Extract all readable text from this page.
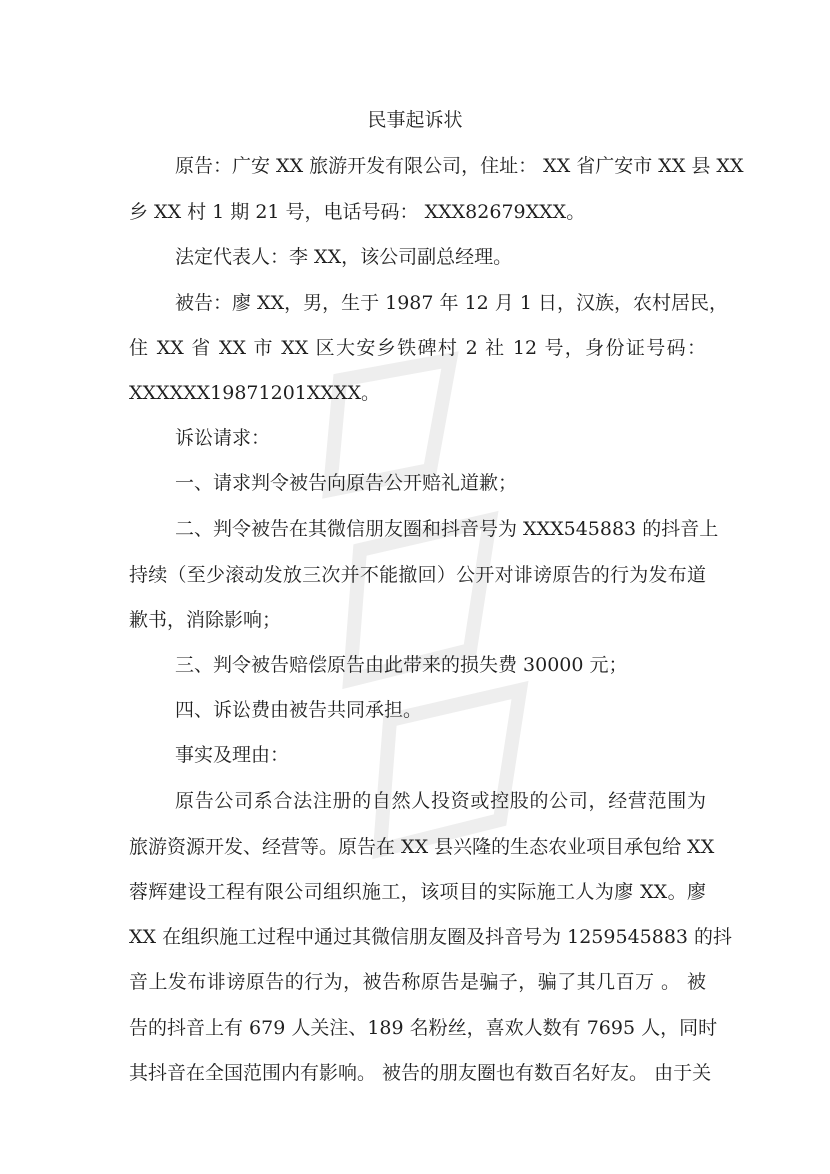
民事起诉状
原告：广安 XX 旅游开发有限公司，住址： XX 省广安市 XX 县 XX
乡 XX 村 1 期 21 号，电话号码： XXX82679XXX。
法定代表人：李 XX，该公司副总经理。
被告：廖 XX，男，生于 1987 年 12 月 1 日，汉族，农村居民，
住 XX 省 XX 市 XX 区大安乡铁碑村 2 社 12 号，身份证号码：
XXXXXX19871201XXXX。
诉讼请求：
一、请求判令被告向原告公开赔礼道歉；
二、判令被告在其微信朋友圈和抖音号为 XXX545883 的抖音上
持续（至少滚动发放三次并不能撤回）公开对诽谤原告的行为发布道
歉书，消除影响；
三、判令被告赔偿原告由此带来的损失费 30000 元；
四、诉讼费由被告共同承担。
事实及理由：
原告公司系合法注册的自然人投资或控股的公司，经营范围为
旅游资源开发、经营等。原告在 XX 县兴隆的生态农业项目承包给 XX
蓉辉建设工程有限公司组织施工，该项目的实际施工人为廖 XX。廖
XX 在组织施工过程中通过其微信朋友圈及抖音号为 1259545883 的抖
音上发布诽谤原告的行为，被告称原告是骗子，骗了其几百万 。 被
告的抖音上有 679 人关注、189 名粉丝，喜欢人数有 7695 人，同时
其抖音在全国范围内有影响。 被告的朋友圈也有数百名好友。 由于关
